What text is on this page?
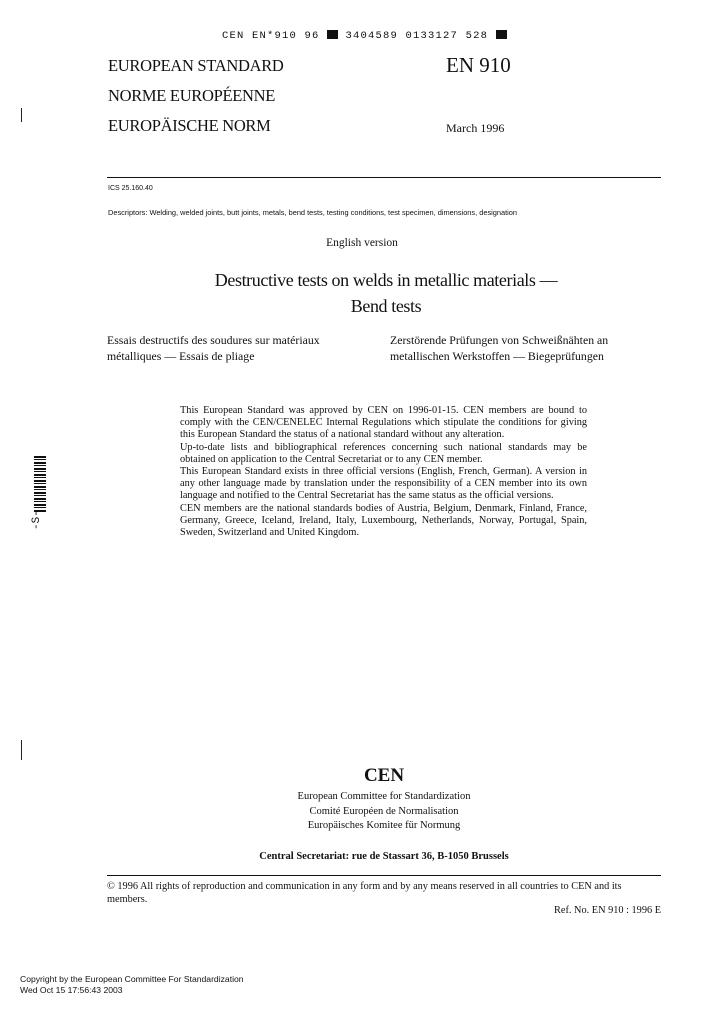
CEN EN*910 96 3404589 0133127 528
EUROPEAN STANDARD
NORME EUROPÉENNE
EUROPÄISCHE NORM
EN 910
March 1996
ICS 25.160.40
Descriptors: Welding, welded joints, butt joints, metals, bend tests, testing conditions, test specimen, dimensions, designation
English version
Destructive tests on welds in metallic materials —
Bend tests
Essais destructifs des soudures sur matériaux métalliques — Essais de pliage
Zerstörende Prüfungen von Schweißnähten an metallischen Werkstoffen — Biegeprüfungen

This European Standard was approved by CEN on 1996-01-15. CEN members are bound to comply with the CEN/CENELEC Internal Regulations which stipulate the conditions for giving this European Standard the status of a national standard without any alteration.

Up-to-date lists and bibliographical references concerning such national standards may be obtained on application to the Central Secretariat or to any CEN member.

This European Standard exists in three official versions (English, French, German). A version in any other language made by translation under the responsibility of a CEN member into its own language and notified to the Central Secretariat has the same status as the official versions.

CEN members are the national standards bodies of Austria, Belgium, Denmark, Finland, France, Germany, Greece, Iceland, Ireland, Italy, Luxembourg, Netherlands, Norway, Portugal, Spain, Sweden, Switzerland and United Kingdom.

-S-
CEN
European Committee for Standardization
Comité Européen de Normalisation
Europäisches Komitee für Normung
Central Secretariat: rue de Stassart 36, B-1050 Brussels
© 1996 All rights of reproduction and communication in any form and by any means reserved in all countries to CEN and its members.
Ref. No. EN 910 : 1996 E
Copyright by the European Committee For Standardization
Wed Oct 15 17:56:43 2003
